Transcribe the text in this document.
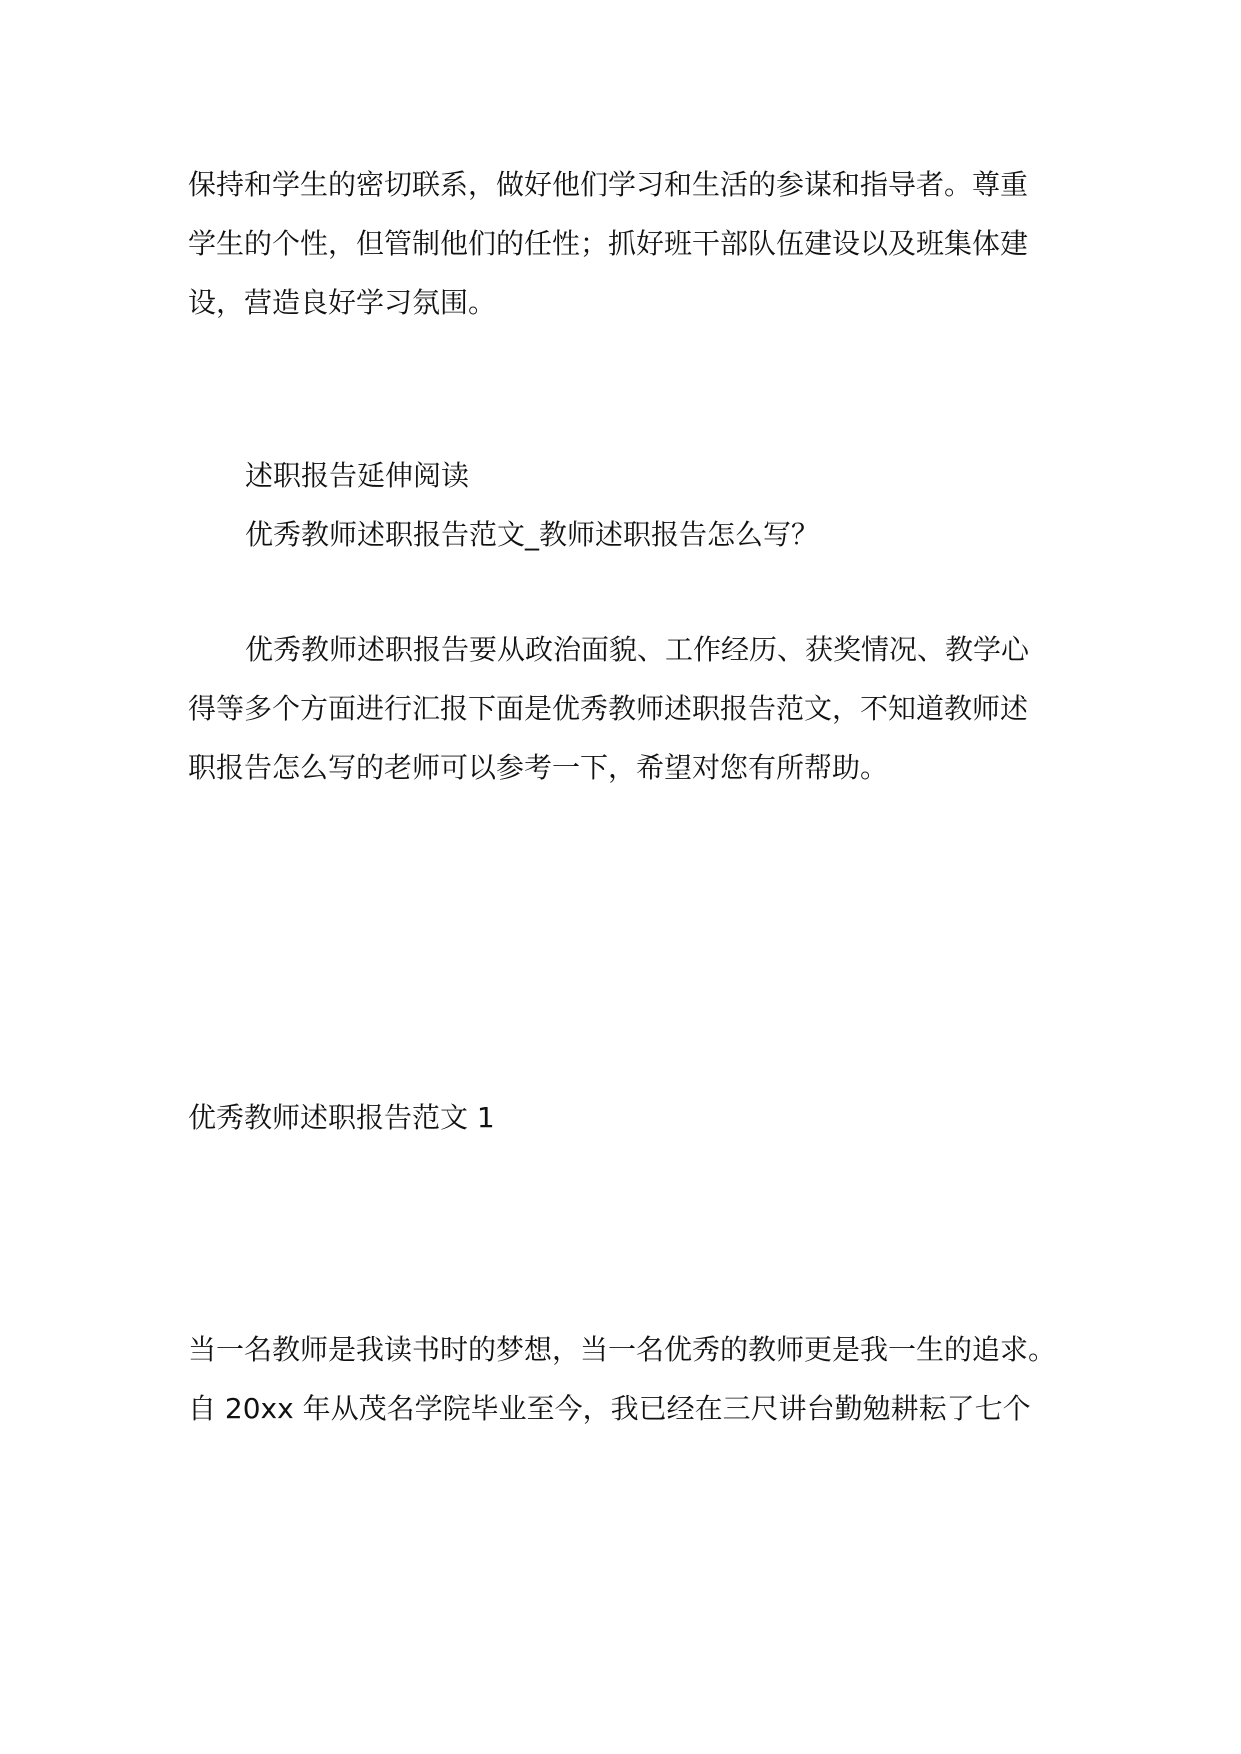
保持和学生的密切联系，做好他们学习和生活的参谋和指导者。尊重
学生的个性，但管制他们的任性；抓好班干部队伍建设以及班集体建
设，营造良好学习氛围。
述职报告延伸阅读
优秀教师述职报告范文_教师述职报告怎么写？
优秀教师述职报告要从政治面貌、工作经历、获奖情况、教学心
得等多个方面进行汇报下面是优秀教师述职报告范文，不知道教师述
职报告怎么写的老师可以参考一下，希望对您有所帮助。
优秀教师述职报告范文 1
当一名教师是我读书时的梦想，当一名优秀的教师更是我一生的追求。
自 20xx 年从茂名学院毕业至今，我已经在三尺讲台勤勉耕耘了七个
